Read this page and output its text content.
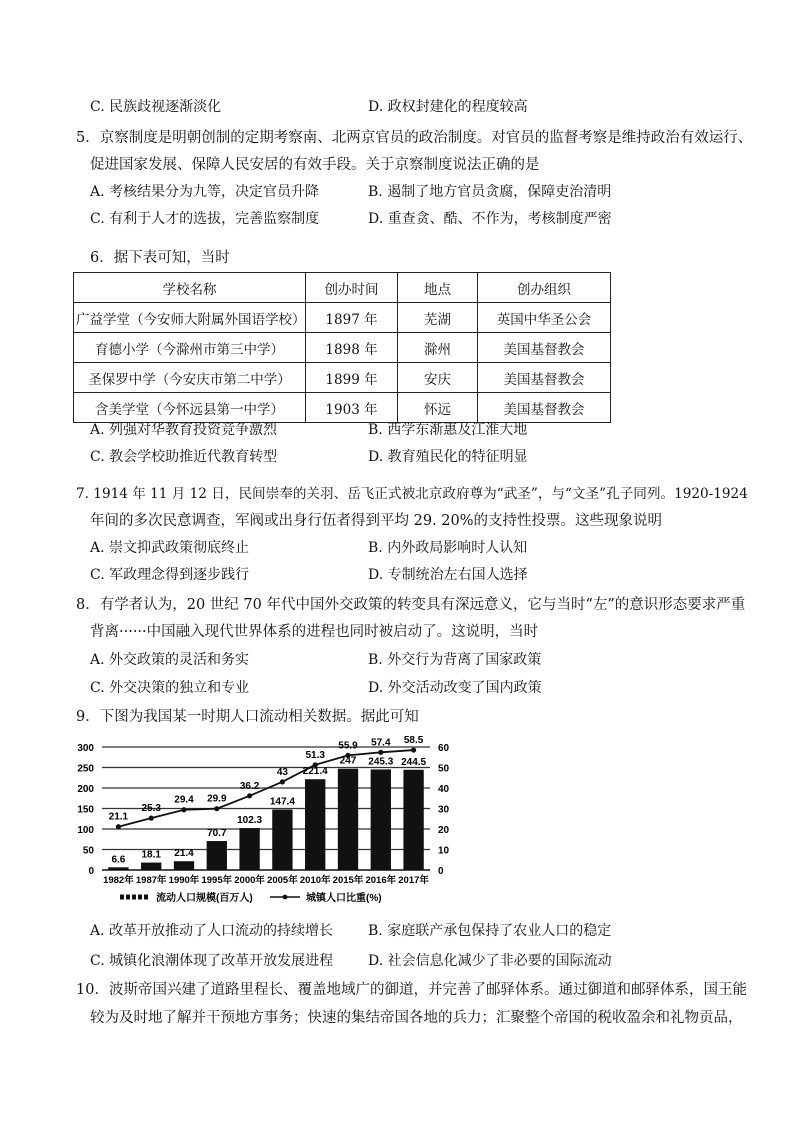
C. 民族歧视逐渐淡化	D. 政权封建化的程度较高
5．京察制度是明朝创制的定期考察南、北两京官员的政治制度。对官员的监督考察是维持政治有效运行、
促进国家发展、保障人民安居的有效手段。关于京察制度说法正确的是
A. 考核结果分为九等，决定官员升降	B. 遏制了地方官员贪腐，保障吏治清明
C. 有利于人才的选拔，完善监察制度	D. 重查贪、酷、不作为，考核制度严密
6．据下表可知，当时
学校名称	创办时间	地点	创办组织
广益学堂（今安师大附属外国语学校）	1897 年	芜湖	英国中华圣公会
育德小学（今滁州市第三中学）	1898 年	滁州	美国基督教会
圣保罗中学（今安庆市第二中学）	1899 年	安庆	美国基督教会
含美学堂（今怀远县第一中学）	1903 年	怀远	美国基督教会
A. 列强对华教育投资竞争激烈	B. 西学东渐惠及江淮大地
C. 教会学校助推近代教育转型	D. 教育殖民化的特征明显
7. 1914 年 11 月 12 日，民间崇奉的关羽、岳飞正式被北京政府尊为“武圣”，与“文圣”孔子同列。1920-1924
年间的多次民意调查，军阀或出身行伍者得到平均 29. 20%的支持性投票。这些现象说明
A. 崇文抑武政策彻底终止	B. 内外政局影响时人认知
C. 军政理念得到逐步践行	D. 专制统治左右国人选择
8．有学者认为，20 世纪 70 年代中国外交政策的转变具有深远意义，它与当时“左”的意识形态要求严重
背离······中国融入现代世界体系的进程也同时被启动了。这说明，当时
A. 外交政策的灵活和务实	B. 外交行为背离了国家政策
C. 外交决策的独立和专业	D. 外交活动改变了国内政策
9．下图为我国某一时期人口流动相关数据。据此可知
6.6 18.1 21.4
70.7
102.3
147.4
221.4
247 245.3 244.5
1982年 1987年 1990年 1995年 2000年 2005年 2010年 2015年 2016年 2017年
21.1
25.3
29.4 29.9
36.2
43
51.3
55.9 57.4 58.5
0
50
100
150
200
250
300
0
10
20
30
40
50
60
流动人口规模(百万人)	城镇人口比重(%)
A. 改革开放推动了人口流动的持续增长 B. 家庭联产承包保持了农业人口的稳定
C. 城镇化浪潮体现了改革开放发展进程 D. 社会信息化减少了非必要的国际流动
10．波斯帝国兴建了道路里程长、覆盖地域广的御道，并完善了邮驿体系。通过御道和邮驿体系，国王能
较为及时地了解并干预地方事务；快速的集结帝国各地的兵力；汇聚整个帝国的税收盈余和礼物贡品，
